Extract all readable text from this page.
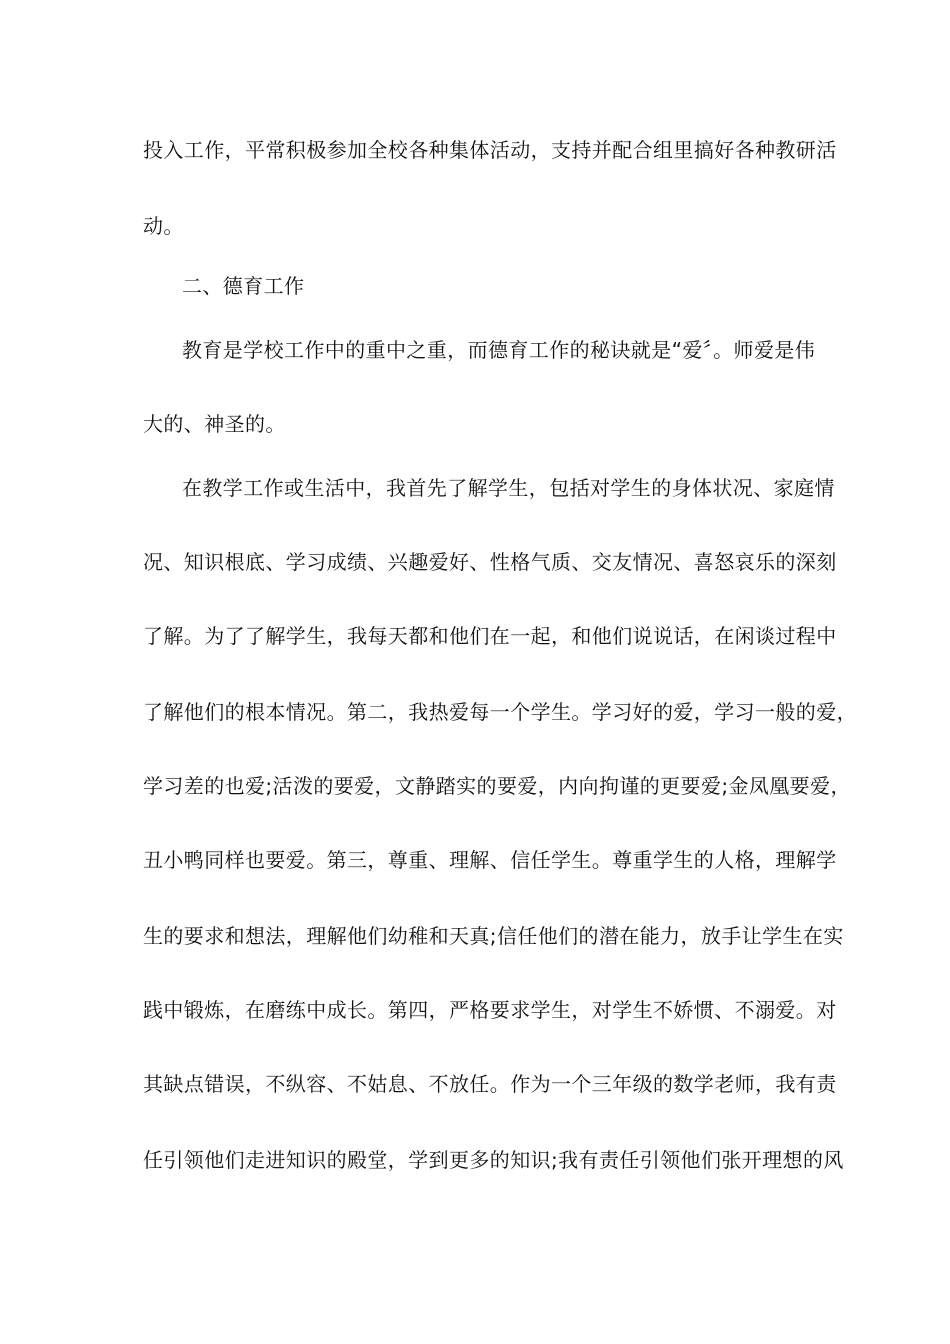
投入工作，平常积极参加全校各种集体活动，支持并配合组里搞好各种教研活
动。
二、德育工作
教育是学校工作中的重中之重，而德育工作的秘诀就是“爱〞。师爱是伟
大的、神圣的。
在教学工作或生活中，我首先了解学生，包括对学生的身体状况、家庭情
况、知识根底、学习成绩、兴趣爱好、性格气质、交友情况、喜怒哀乐的深刻
了解。为了了解学生，我每天都和他们在一起，和他们说说话，在闲谈过程中
了解他们的根本情况。第二，我热爱每一个学生。学习好的爱，学习一般的爱，
学习差的也爱;活泼的要爱，文静踏实的要爱，内向拘谨的更要爱;金凤凰要爱，
丑小鸭同样也要爱。第三，尊重、理解、信任学生。尊重学生的人格，理解学
生的要求和想法，理解他们幼稚和天真;信任他们的潜在能力，放手让学生在实
践中锻炼，在磨练中成长。第四，严格要求学生，对学生不娇惯、不溺爱。对
其缺点错误，不纵容、不姑息、不放任。作为一个三年级的数学老师，我有责
任引领他们走进知识的殿堂，学到更多的知识;我有责任引领他们张开理想的风
